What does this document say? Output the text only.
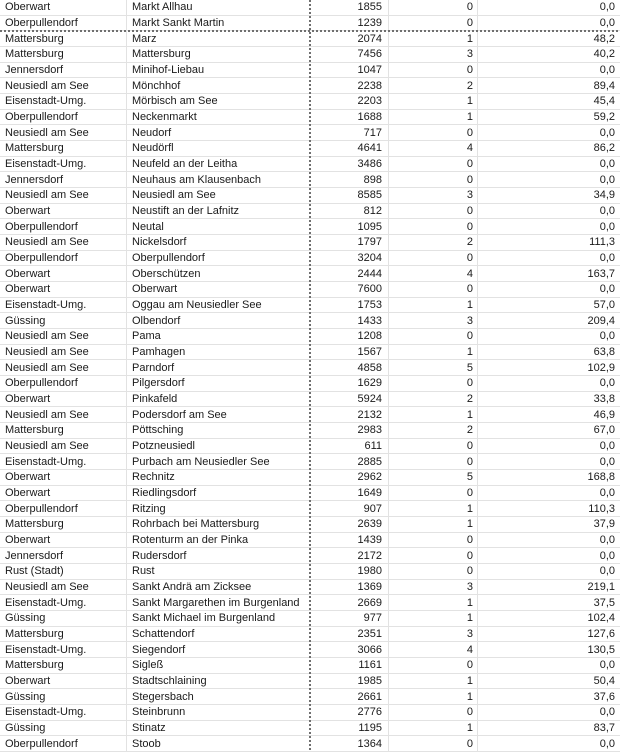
Oberwart	Markt Allhau	1855	0	0,0
Oberpullendorf	Markt Sankt Martin	1239	0	0,0
Mattersburg	Marz	2074	1	48,2
Mattersburg	Mattersburg	7456	3	40,2
Jennersdorf	Minihof-Liebau	1047	0	0,0
Neusiedl am See	Mönchhof	2238	2	89,4
Eisenstadt-Umg.	Mörbisch am See	2203	1	45,4
Oberpullendorf	Neckenmarkt	1688	1	59,2
Neusiedl am See	Neudorf	717	0	0,0
Mattersburg	Neudörfl	4641	4	86,2
Eisenstadt-Umg.	Neufeld an der Leitha	3486	0	0,0
Jennersdorf	Neuhaus am Klausenbach	898	0	0,0
Neusiedl am See	Neusiedl am See	8585	3	34,9
Oberwart	Neustift an der Lafnitz	812	0	0,0
Oberpullendorf	Neutal	1095	0	0,0
Neusiedl am See	Nickelsdorf	1797	2	111,3
Oberpullendorf	Oberpullendorf	3204	0	0,0
Oberwart	Oberschützen	2444	4	163,7
Oberwart	Oberwart	7600	0	0,0
Eisenstadt-Umg.	Oggau am Neusiedler See	1753	1	57,0
Güssing	Olbendorf	1433	3	209,4
Neusiedl am See	Pama	1208	0	0,0
Neusiedl am See	Pamhagen	1567	1	63,8
Neusiedl am See	Parndorf	4858	5	102,9
Oberpullendorf	Pilgersdorf	1629	0	0,0
Oberwart	Pinkafeld	5924	2	33,8
Neusiedl am See	Podersdorf am See	2132	1	46,9
Mattersburg	Pöttsching	2983	2	67,0
Neusiedl am See	Potzneusiedl	611	0	0,0
Eisenstadt-Umg.	Purbach am Neusiedler See	2885	0	0,0
Oberwart	Rechnitz	2962	5	168,8
Oberwart	Riedlingsdorf	1649	0	0,0
Oberpullendorf	Ritzing	907	1	110,3
Mattersburg	Rohrbach bei Mattersburg	2639	1	37,9
Oberwart	Rotenturm an der Pinka	1439	0	0,0
Jennersdorf	Rudersdorf	2172	0	0,0
Rust (Stadt)	Rust	1980	0	0,0
Neusiedl am See	Sankt Andrä am Zicksee	1369	3	219,1
Eisenstadt-Umg.	Sankt Margarethen im Burgenland	2669	1	37,5
Güssing	Sankt Michael im Burgenland	977	1	102,4
Mattersburg	Schattendorf	2351	3	127,6
Eisenstadt-Umg.	Siegendorf	3066	4	130,5
Mattersburg	Sigleß	1161	0	0,0
Oberwart	Stadtschlaining	1985	1	50,4
Güssing	Stegersbach	2661	1	37,6
Eisenstadt-Umg.	Steinbrunn	2776	0	0,0
Güssing	Stinatz	1195	1	83,7
Oberpullendorf	Stoob	1364	0	0,0
